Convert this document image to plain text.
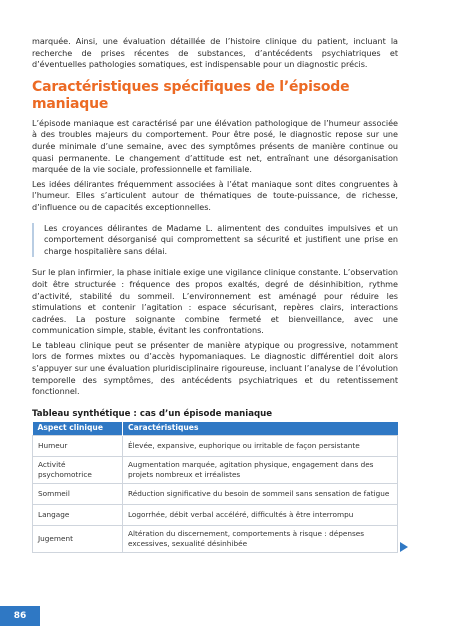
marquée. Ainsi, une évaluation détaillée de l’histoire clinique du patient, incluant la recherche de prises récentes de substances, d’antécédents psychiatriques et d’éventuelles pathologies somatiques, est indispensable pour un diagnostic précis.

Caractéristiques spécifiques de l’épisode maniaque

L’épisode maniaque est caractérisé par une élévation pathologique de l’humeur associée à des troubles majeurs du comportement. Pour être posé, le diagnostic repose sur une durée minimale d’une semaine, avec des symptômes présents de manière continue ou quasi permanente. Le changement d’attitude est net, entraînant une désorganisation marquée de la vie sociale, professionnelle et familiale.

Les idées délirantes fréquemment associées à l’état maniaque sont dites congruentes à l’humeur. Elles s’articulent autour de thématiques de toute-puissance, de richesse, d’influence ou de capacités exceptionnelles.

Les croyances délirantes de Madame L. alimentent des conduites impulsives et un comportement désorganisé qui compromettent sa sécurité et justifient une prise en charge hospitalière sans délai.

Sur le plan infirmier, la phase initiale exige une vigilance clinique constante. L’observation doit être structurée : fréquence des propos exaltés, degré de désinhibition, rythme d’activité, stabilité du sommeil. L’environnement est aménagé pour réduire les stimulations et contenir l’agitation : espace sécurisant, repères clairs, interactions cadrées. La posture soignante combine fermeté et bienveillance, avec une communication simple, stable, évitant les confrontations.

Le tableau clinique peut se présenter de manière atypique ou progressive, notamment lors de formes mixtes ou d’accès hypomaniaques. Le diagnostic différentiel doit alors s’appuyer sur une évaluation pluridisciplinaire rigoureuse, incluant l’analyse de l’évolution temporelle des symptômes, des antécédents psychiatriques et du retentissement fonctionnel.

Tableau synthétique : cas d’un épisode maniaque
Aspect clinique	Caractéristiques
Humeur	Élevée, expansive, euphorique ou irritable de façon persistante
Activité psychomotrice	Augmentation marquée, agitation physique, engagement dans des projets nombreux et irréalistes
Sommeil	Réduction significative du besoin de sommeil sans sensation de fatigue
Langage	Logorrhée, débit verbal accéléré, difficultés à être interrompu
Jugement	Altération du discernement, comportements à risque : dépenses excessives, sexualité désinhibée
86
